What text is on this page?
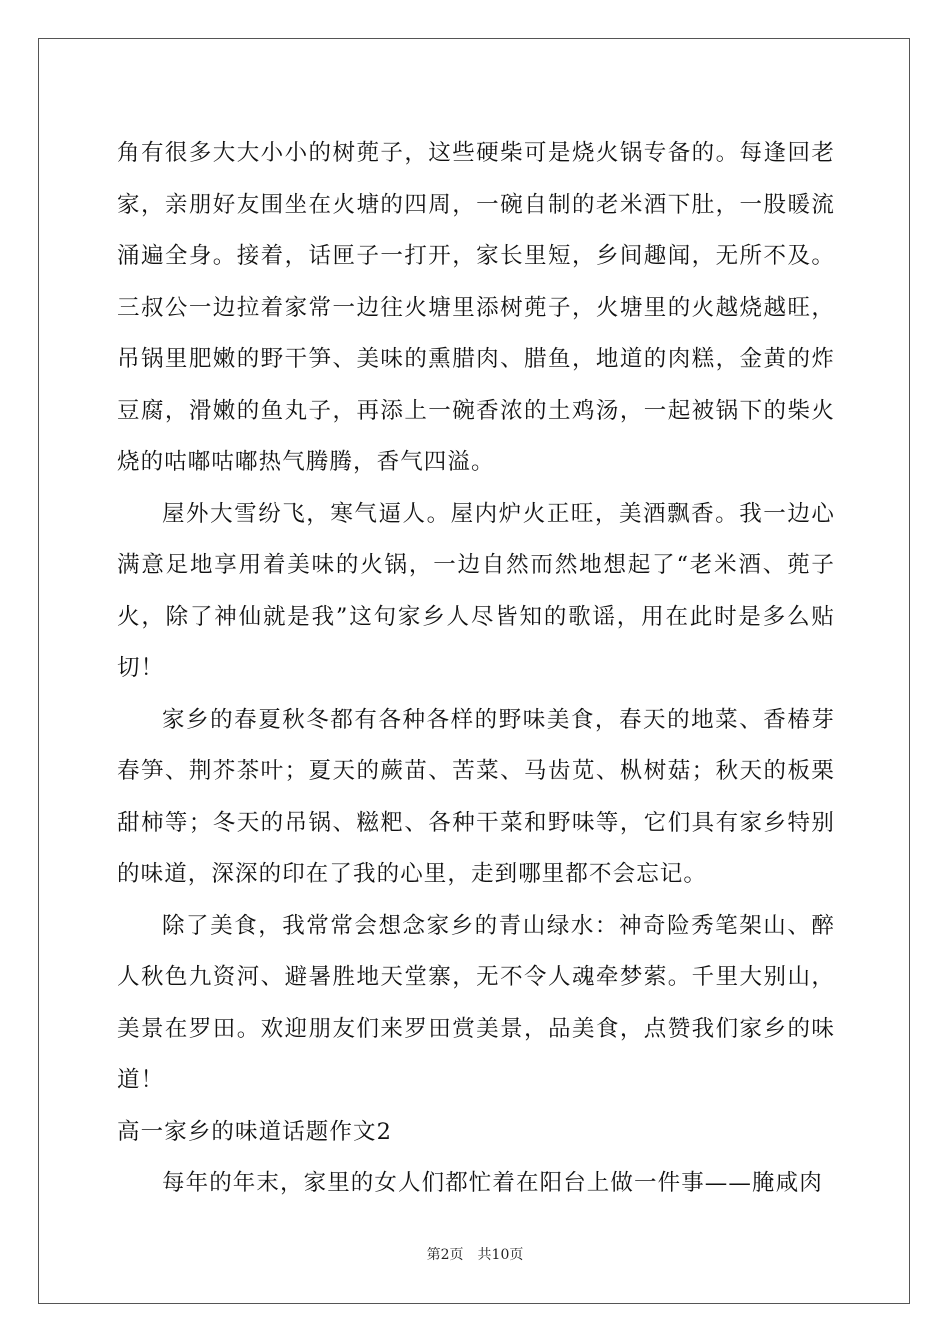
角有很多大大小小的树蔸子，这些硬柴可是烧火锅专备的。每逢回老家，亲朋好友围坐在火塘的四周，一碗自制的老米酒下肚，一股暖流涌遍全身。接着，话匣子一打开，家长里短，乡间趣闻，无所不及。三叔公一边拉着家常一边往火塘里添树蔸子，火塘里的火越烧越旺，吊锅里肥嫩的野干笋、美味的熏腊肉、腊鱼，地道的肉糕，金黄的炸豆腐，滑嫩的鱼丸子，再添上一碗香浓的土鸡汤，一起被锅下的柴火烧的咕嘟咕嘟热气腾腾，香气四溢。

屋外大雪纷飞，寒气逼人。屋内炉火正旺，美酒飘香。我一边心满意足地享用着美味的火锅，一边自然而然地想起了“老米酒、蔸子火，除了神仙就是我”这句家乡人尽皆知的歌谣，用在此时是多么贴切！

家乡的春夏秋冬都有各种各样的野味美食，春天的地菜、香椿芽春笋、荆芥茶叶；夏天的蕨苗、苦菜、马齿苋、枞树菇；秋天的板栗甜柿等；冬天的吊锅、糍粑、各种干菜和野味等，它们具有家乡特别的味道，深深的印在了我的心里，走到哪里都不会忘记。

除了美食，我常常会想念家乡的青山绿水：神奇险秀笔架山、醉人秋色九资河、避暑胜地天堂寨，无不令人魂牵梦萦。千里大别山，美景在罗田。欢迎朋友们来罗田赏美景，品美食，点赞我们家乡的味道！

高一家乡的味道话题作文2

每年的年末，家里的女人们都忙着在阳台上做一件事——腌咸肉

第2页 共10页
